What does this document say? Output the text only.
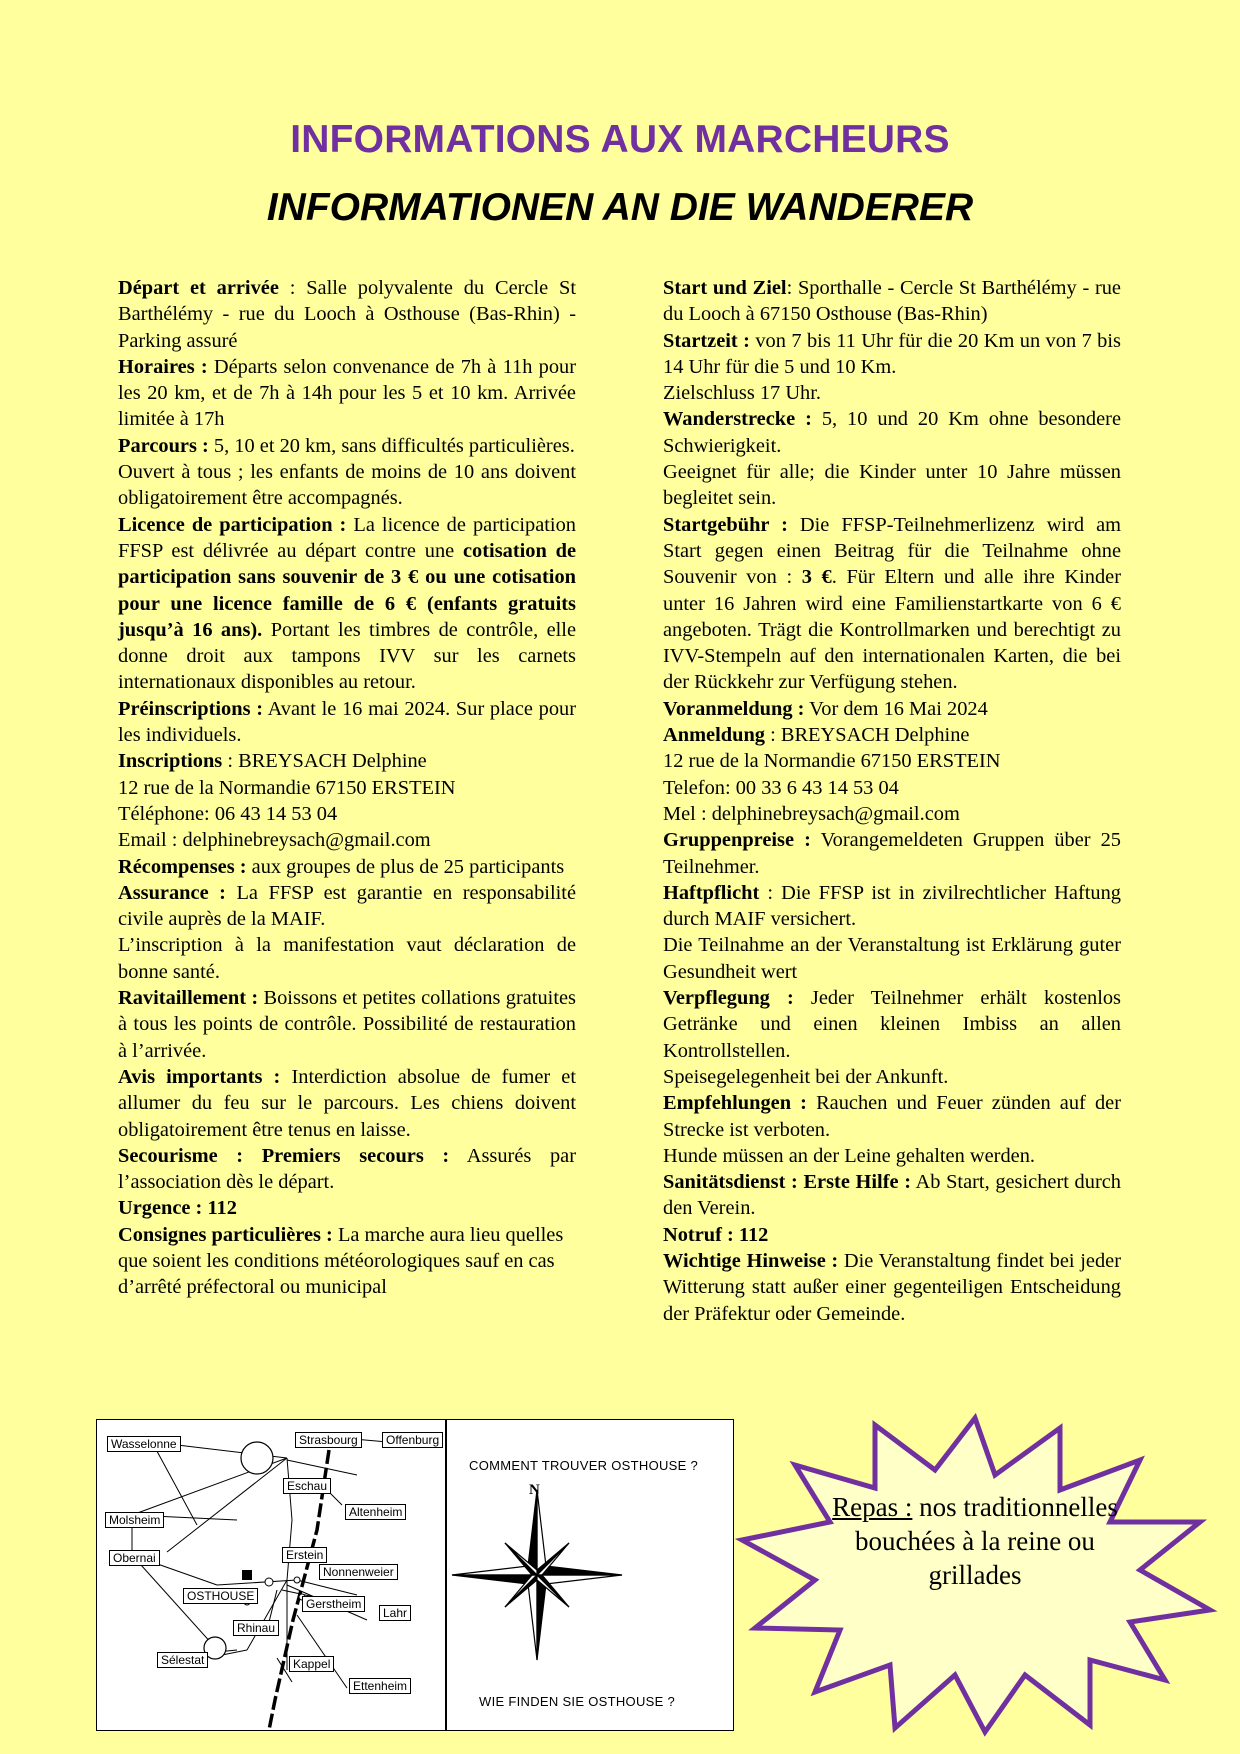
INFORMATIONS AUX MARCHEURS
INFORMATIONEN AN DIE WANDERER

Départ et arrivée : Salle polyvalente du Cercle St Barthélémy - rue du Looch à Osthouse (Bas-Rhin) - Parking assuré

Horaires : Départs selon convenance de 7h à 11h pour les 20 km, et de 7h à 14h pour les 5 et 10 km. Arrivée limitée à 17h

Parcours : 5, 10 et 20 km, sans difficultés particulières.

Ouvert à tous ; les enfants de moins de 10 ans doivent obligatoirement être accompagnés.

Licence de participation : La licence de participation FFSP est délivrée au départ contre une cotisation de participation sans souvenir de 3 € ou une cotisation pour une licence famille de 6 € (enfants gratuits jusqu’à 16 ans). Portant les timbres de contrôle, elle donne droit aux tampons IVV sur les carnets internationaux disponibles au retour.

Préinscriptions : Avant le 16 mai 2024. Sur place pour les individuels.

Inscriptions : BREYSACH Delphine

12 rue de la Normandie 67150 ERSTEIN

Téléphone: 06 43 14 53 04

Email : delphinebreysach@gmail.com

Récompenses : aux groupes de plus de 25 participants

Assurance : La FFSP est garantie en responsabilité civile auprès de la MAIF.

L’inscription à la manifestation vaut déclaration de bonne santé.

Ravitaillement : Boissons et petites collations gratuites à tous les points de contrôle. Possibilité de restauration à l’arrivée.

Avis importants : Interdiction absolue de fumer et allumer du feu sur le parcours. Les chiens doivent obligatoirement être tenus en laisse.

Secourisme : Premiers secours : Assurés par l’association dès le départ.

Urgence : 112

Consignes particulières : La marche aura lieu quelles que soient les conditions météorologiques sauf en cas d’arrêté préfectoral ou municipal

Start und Ziel: Sporthalle - Cercle St Barthélémy - rue du Looch à 67150 Osthouse (Bas-Rhin)

Startzeit : von 7 bis 11 Uhr für die 20 Km un von 7 bis 14 Uhr für die 5 und 10 Km.

Zielschluss 17 Uhr.

Wanderstrecke : 5, 10 und 20 Km ohne besondere Schwierigkeit.

Geeignet für alle; die Kinder unter 10 Jahre müssen begleitet sein.

Startgebühr : Die FFSP-Teilnehmerlizenz wird am Start gegen einen Beitrag für die Teilnahme ohne Souvenir von : 3 €. Für Eltern und alle ihre Kinder unter 16 Jahren wird eine Familienstartkarte von 6 € angeboten. Trägt die Kontrollmarken und berechtigt zu IVV-Stempeln auf den internationalen Karten, die bei der Rückkehr zur Verfügung stehen.

Voranmeldung : Vor dem 16 Mai 2024

Anmeldung : BREYSACH Delphine

12 rue de la Normandie 67150 ERSTEIN

Telefon: 00 33 6 43 14 53 04

Mel : delphinebreysach@gmail.com

Gruppenpreise : Vorangemeldeten Gruppen über 25 Teilnehmer.

Haftpflicht : Die FFSP ist in zivilrechtlicher Haftung durch MAIF versichert.

Die Teilnahme an der Veranstaltung ist Erklärung guter Gesundheit wert

Verpflegung : Jeder Teilnehmer erhält kostenlos Getränke und einen kleinen Imbiss an allen Kontrollstellen.

Speisegelegenheit bei der Ankunft.

Empfehlungen : Rauchen und Feuer zünden auf der Strecke ist verboten.

Hunde müssen an der Leine gehalten werden.

Sanitätsdienst : Erste Hilfe : Ab Start, gesichert durch den Verein.

Notruf : 112

Wichtige Hinweise : Die Veranstaltung findet bei jeder Witterung statt außer einer gegenteiligen Entscheidung der Präfektur oder Gemeinde.

Wasselonne	Strasbourg	Offenburg
Eschau
Altenheim
Molsheim
Erstein
Obernai
Nonnenweier
OSTHOUSE
Gerstheim
Lahr
Rhinau
Sélestat	Kappel
Ettenheim
COMMENT TROUVER OSTHOUSE ?
N
WIE FINDEN SIE OSTHOUSE ?
Repas : nos traditionnelles bouchées à la reine ou grillades
